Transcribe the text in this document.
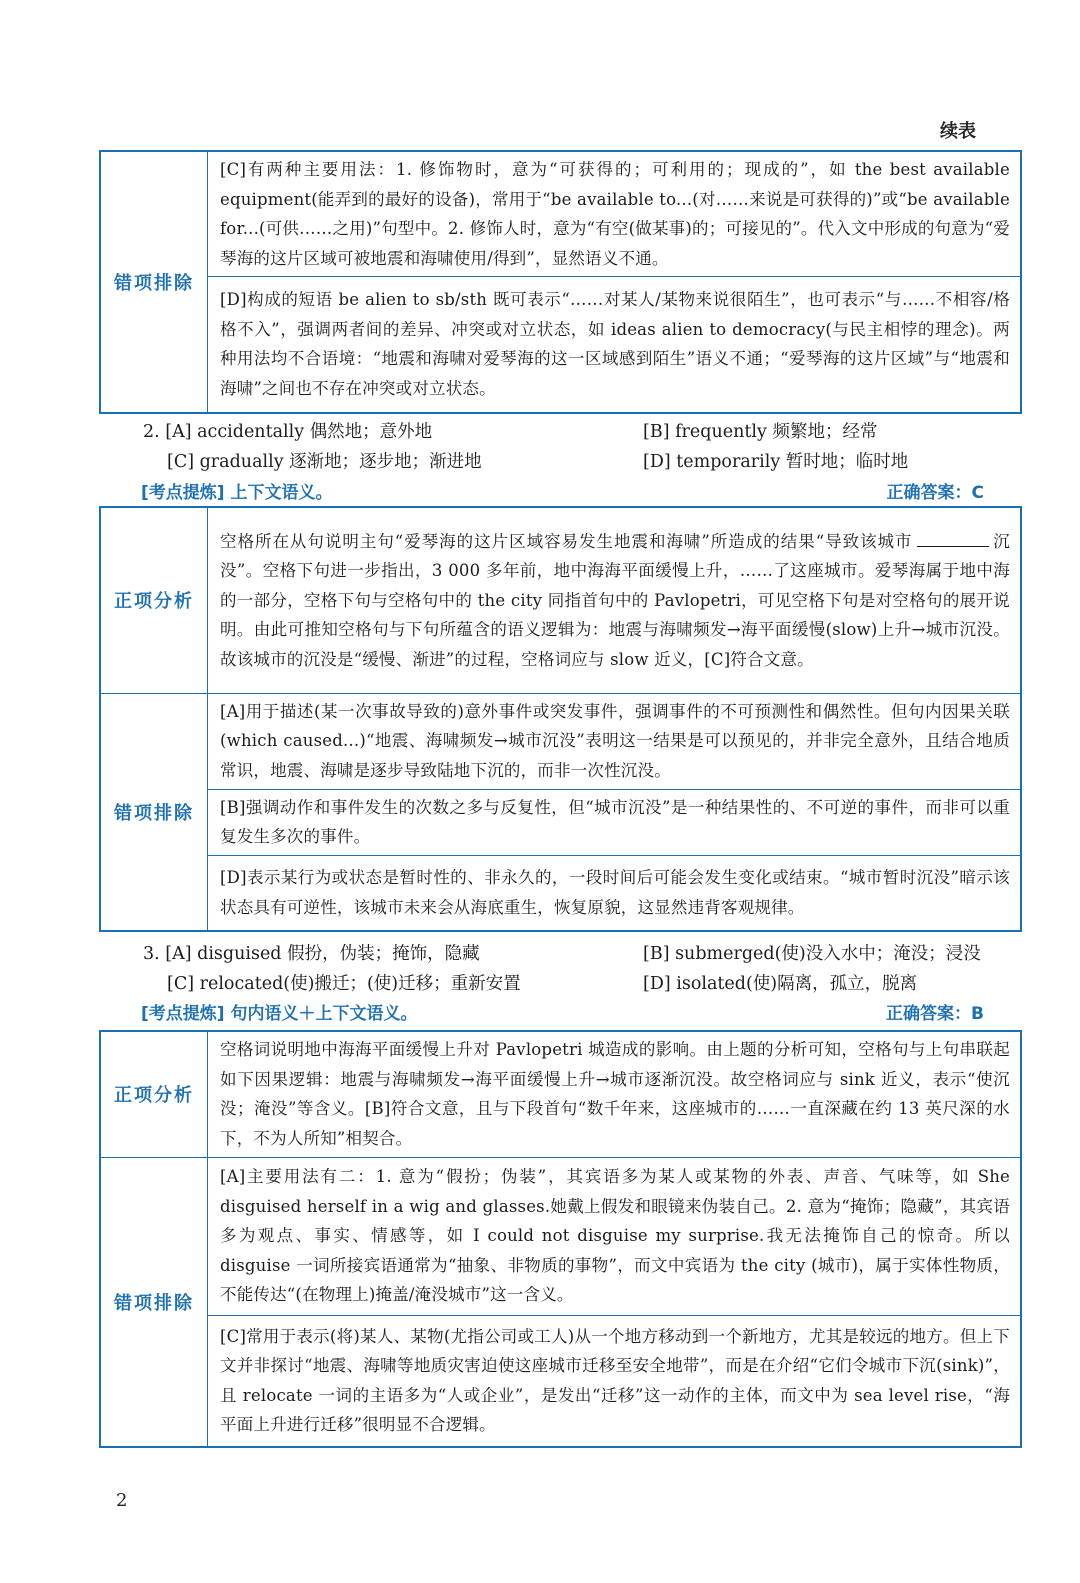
续表
错项排除	[C]有两种主要用法：1. 修饰物时，意为“可获得的；可利用的；现成的”，如 the best available equipment(能弄到的最好的设备)，常用于“be available to...(对……来说是可获得的)”或“be available for...(可供……之用)”句型中。2. 修饰人时，意为“有空(做某事)的；可接见的”。代入文中形成的句意为“爱琴海的这片区域可被地震和海啸使用/得到”，显然语义不通。
[D]构成的短语 be alien to sb/sth 既可表示“……对某人/某物来说很陌生”，也可表示“与……不相容/格格不入”，强调两者间的差异、冲突或对立状态，如 ideas alien to democracy(与民主相悖的理念)。两种用法均不合语境：“地震和海啸对爱琴海的这一区域感到陌生”语义不通；“爱琴海的这片区域”与“地震和海啸”之间也不存在冲突或对立状态。
2. [A] accidentally 偶然地；意外地	[B] frequently 频繁地；经常
[C] gradually 逐渐地；逐步地；渐进地	[D] temporarily 暂时地；临时地
[考点提炼] 上下文语义。	正确答案：C
正项分析	空格所在从句说明主句“爱琴海的这片区域容易发生地震和海啸”所造成的结果“导致该城市 沉没”。空格下句进一步指出，3 000 多年前，地中海海平面缓慢上升，……了这座城市。爱琴海属于地中海的一部分，空格下句与空格句中的 the city 同指首句中的 Pavlopetri，可见空格下句是对空格句的展开说明。由此可推知空格句与下句所蕴含的语义逻辑为：地震与海啸频发→海平面缓慢(slow)上升→城市沉没。故该城市的沉没是“缓慢、渐进”的过程，空格词应与 slow 近义，[C]符合文意。
错项排除	[A]用于描述(某一次事故导致的)意外事件或突发事件，强调事件的不可预测性和偶然性。但句内因果关联(which caused...)“地震、海啸频发→城市沉没”表明这一结果是可以预见的，并非完全意外，且结合地质常识，地震、海啸是逐步导致陆地下沉的，而非一次性沉没。
	[B]强调动作和事件发生的次数之多与反复性，但“城市沉没”是一种结果性的、不可逆的事件，而非可以重复发生多次的事件。
	[D]表示某行为或状态是暂时性的、非永久的，一段时间后可能会发生变化或结束。“城市暂时沉没”暗示该状态具有可逆性，该城市未来会从海底重生，恢复原貌，这显然违背客观规律。
3. [A] disguised 假扮，伪装；掩饰，隐藏	[B] submerged(使)没入水中；淹没；浸没
[C] relocated(使)搬迁；(使)迁移；重新安置	[D] isolated(使)隔离，孤立，脱离
[考点提炼] 句内语义＋上下文语义。	正确答案：B
正项分析	空格词说明地中海海平面缓慢上升对 Pavlopetri 城造成的影响。由上题的分析可知，空格句与上句串联起如下因果逻辑：地震与海啸频发→海平面缓慢上升→城市逐渐沉没。故空格词应与 sink 近义，表示“使沉没；淹没”等含义。[B]符合文意，且与下段首句“数千年来，这座城市的……一直深藏在约 13 英尺深的水下，不为人所知”相契合。
错项排除	[A]主要用法有二：1. 意为“假扮；伪装”，其宾语多为某人或某物的外表、声音、气味等，如 She disguised herself in a wig and glasses.她戴上假发和眼镜来伪装自己。2. 意为“掩饰；隐藏”，其宾语多为观点、事实、情感等，如 I could not disguise my surprise.我无法掩饰自己的惊奇。所以 disguise 一词所接宾语通常为“抽象、非物质的事物”，而文中宾语为 the city (城市)，属于实体性物质，不能传达“(在物理上)掩盖/淹没城市”这一含义。
	[C]常用于表示(将)某人、某物(尤指公司或工人)从一个地方移动到一个新地方，尤其是较远的地方。但上下文并非探讨“地震、海啸等地质灾害迫使这座城市迁移至安全地带”，而是在介绍“它们令城市下沉(sink)”，且 relocate 一词的主语多为“人或企业”，是发出“迁移”这一动作的主体，而文中为 sea level rise，“海平面上升进行迁移”很明显不合逻辑。
2
